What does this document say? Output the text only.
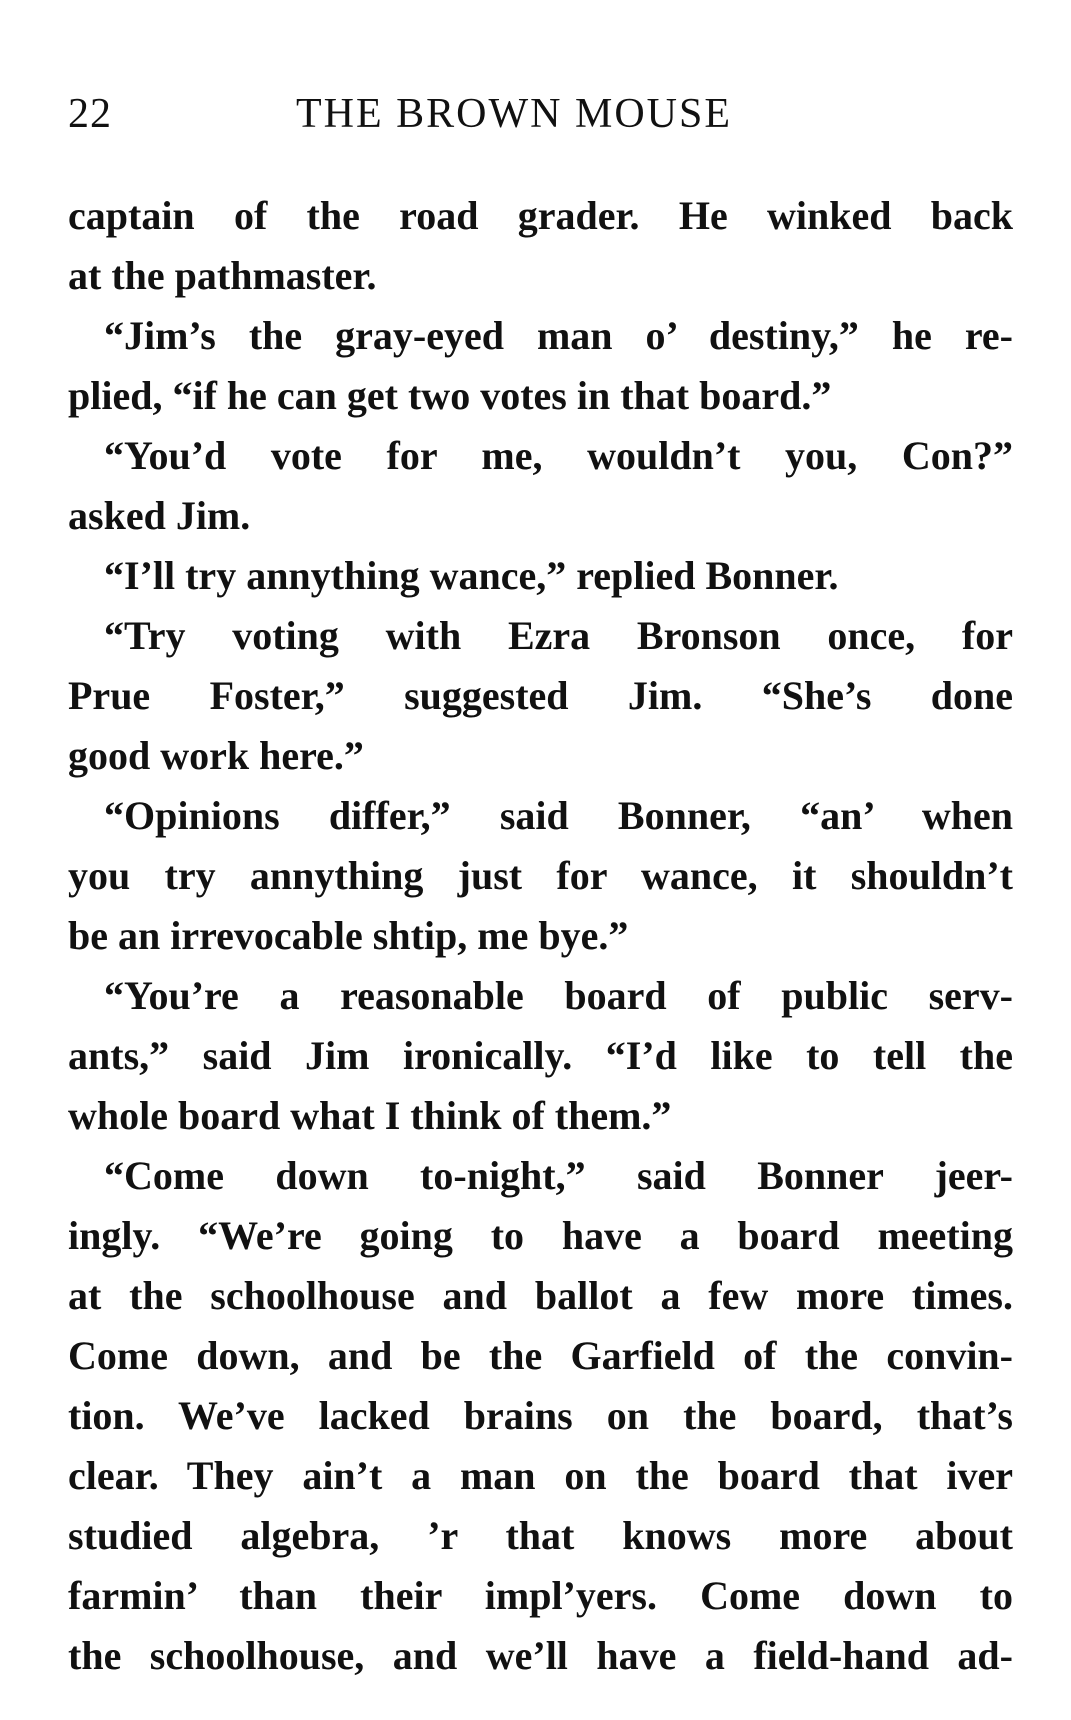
22	THE BROWN MOUSE
captain of the road grader. He winked back
at the pathmaster.
“Jim’s the gray-eyed man o’ destiny,” he re-
plied, “if he can get two votes in that board.”
“You’d vote for me, wouldn’t you, Con?”
asked Jim.
“I’ll try annything wance,” replied Bonner.
“Try voting with Ezra Bronson once, for
Prue Foster,” suggested Jim. “She’s done
good work here.”
“Opinions differ,” said Bonner, “an’ when
you try annything just for wance, it shouldn’t
be an irrevocable shtip, me bye.”
“You’re a reasonable board of public serv-
ants,” said Jim ironically. “I’d like to tell the
whole board what I think of them.”
“Come down to-night,” said Bonner jeer-
ingly. “We’re going to have a board meeting
at the schoolhouse and ballot a few more times.
Come down, and be the Garfield of the convin-
tion. We’ve lacked brains on the board, that’s
clear. They ain’t a man on the board that iver
studied algebra, ’r that knows more about
farmin’ than their impl’yers. Come down to
the schoolhouse, and we’ll have a field-hand ad-
